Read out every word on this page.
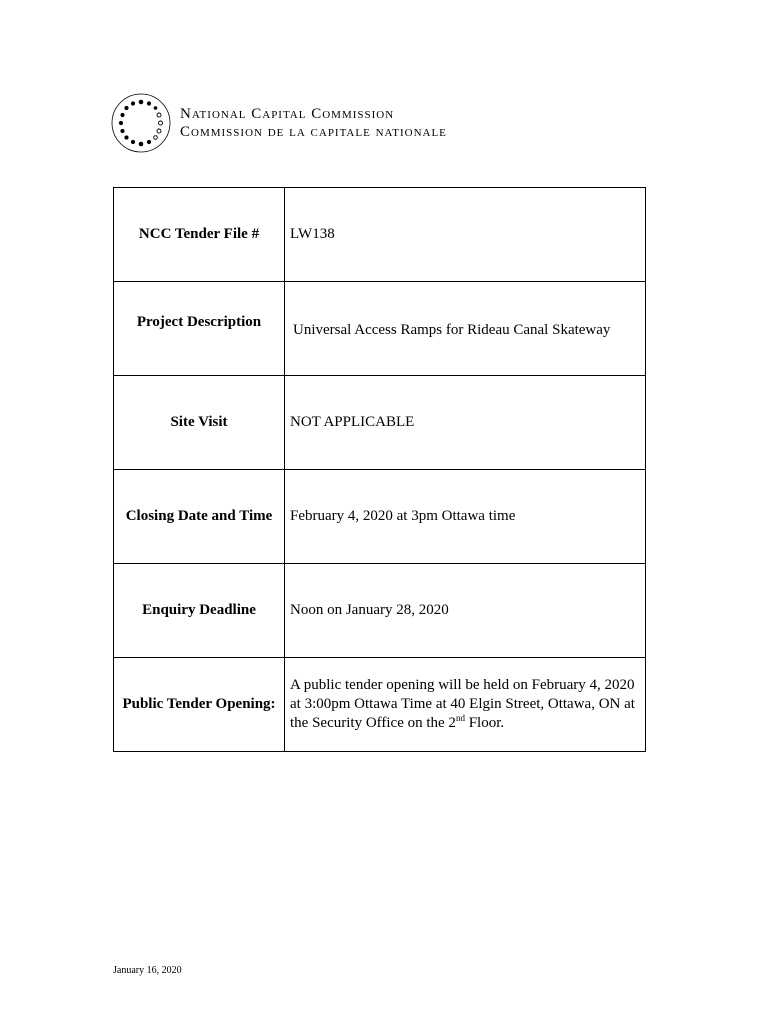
National Capital Commission
Commission de la capitale nationale
NCC Tender File #	LW138
Project Description	Universal Access Ramps for Rideau Canal Skateway
Site Visit	NOT APPLICABLE
Closing Date and Time	February 4, 2020 at 3pm Ottawa time
Enquiry Deadline	Noon on January 28, 2020
Public Tender Opening:	A public tender opening will be held on February 4, 2020
at 3:00pm Ottawa Time at 40 Elgin Street, Ottawa, ON at
the Security Office on the 2nd Floor.
January 16, 2020
